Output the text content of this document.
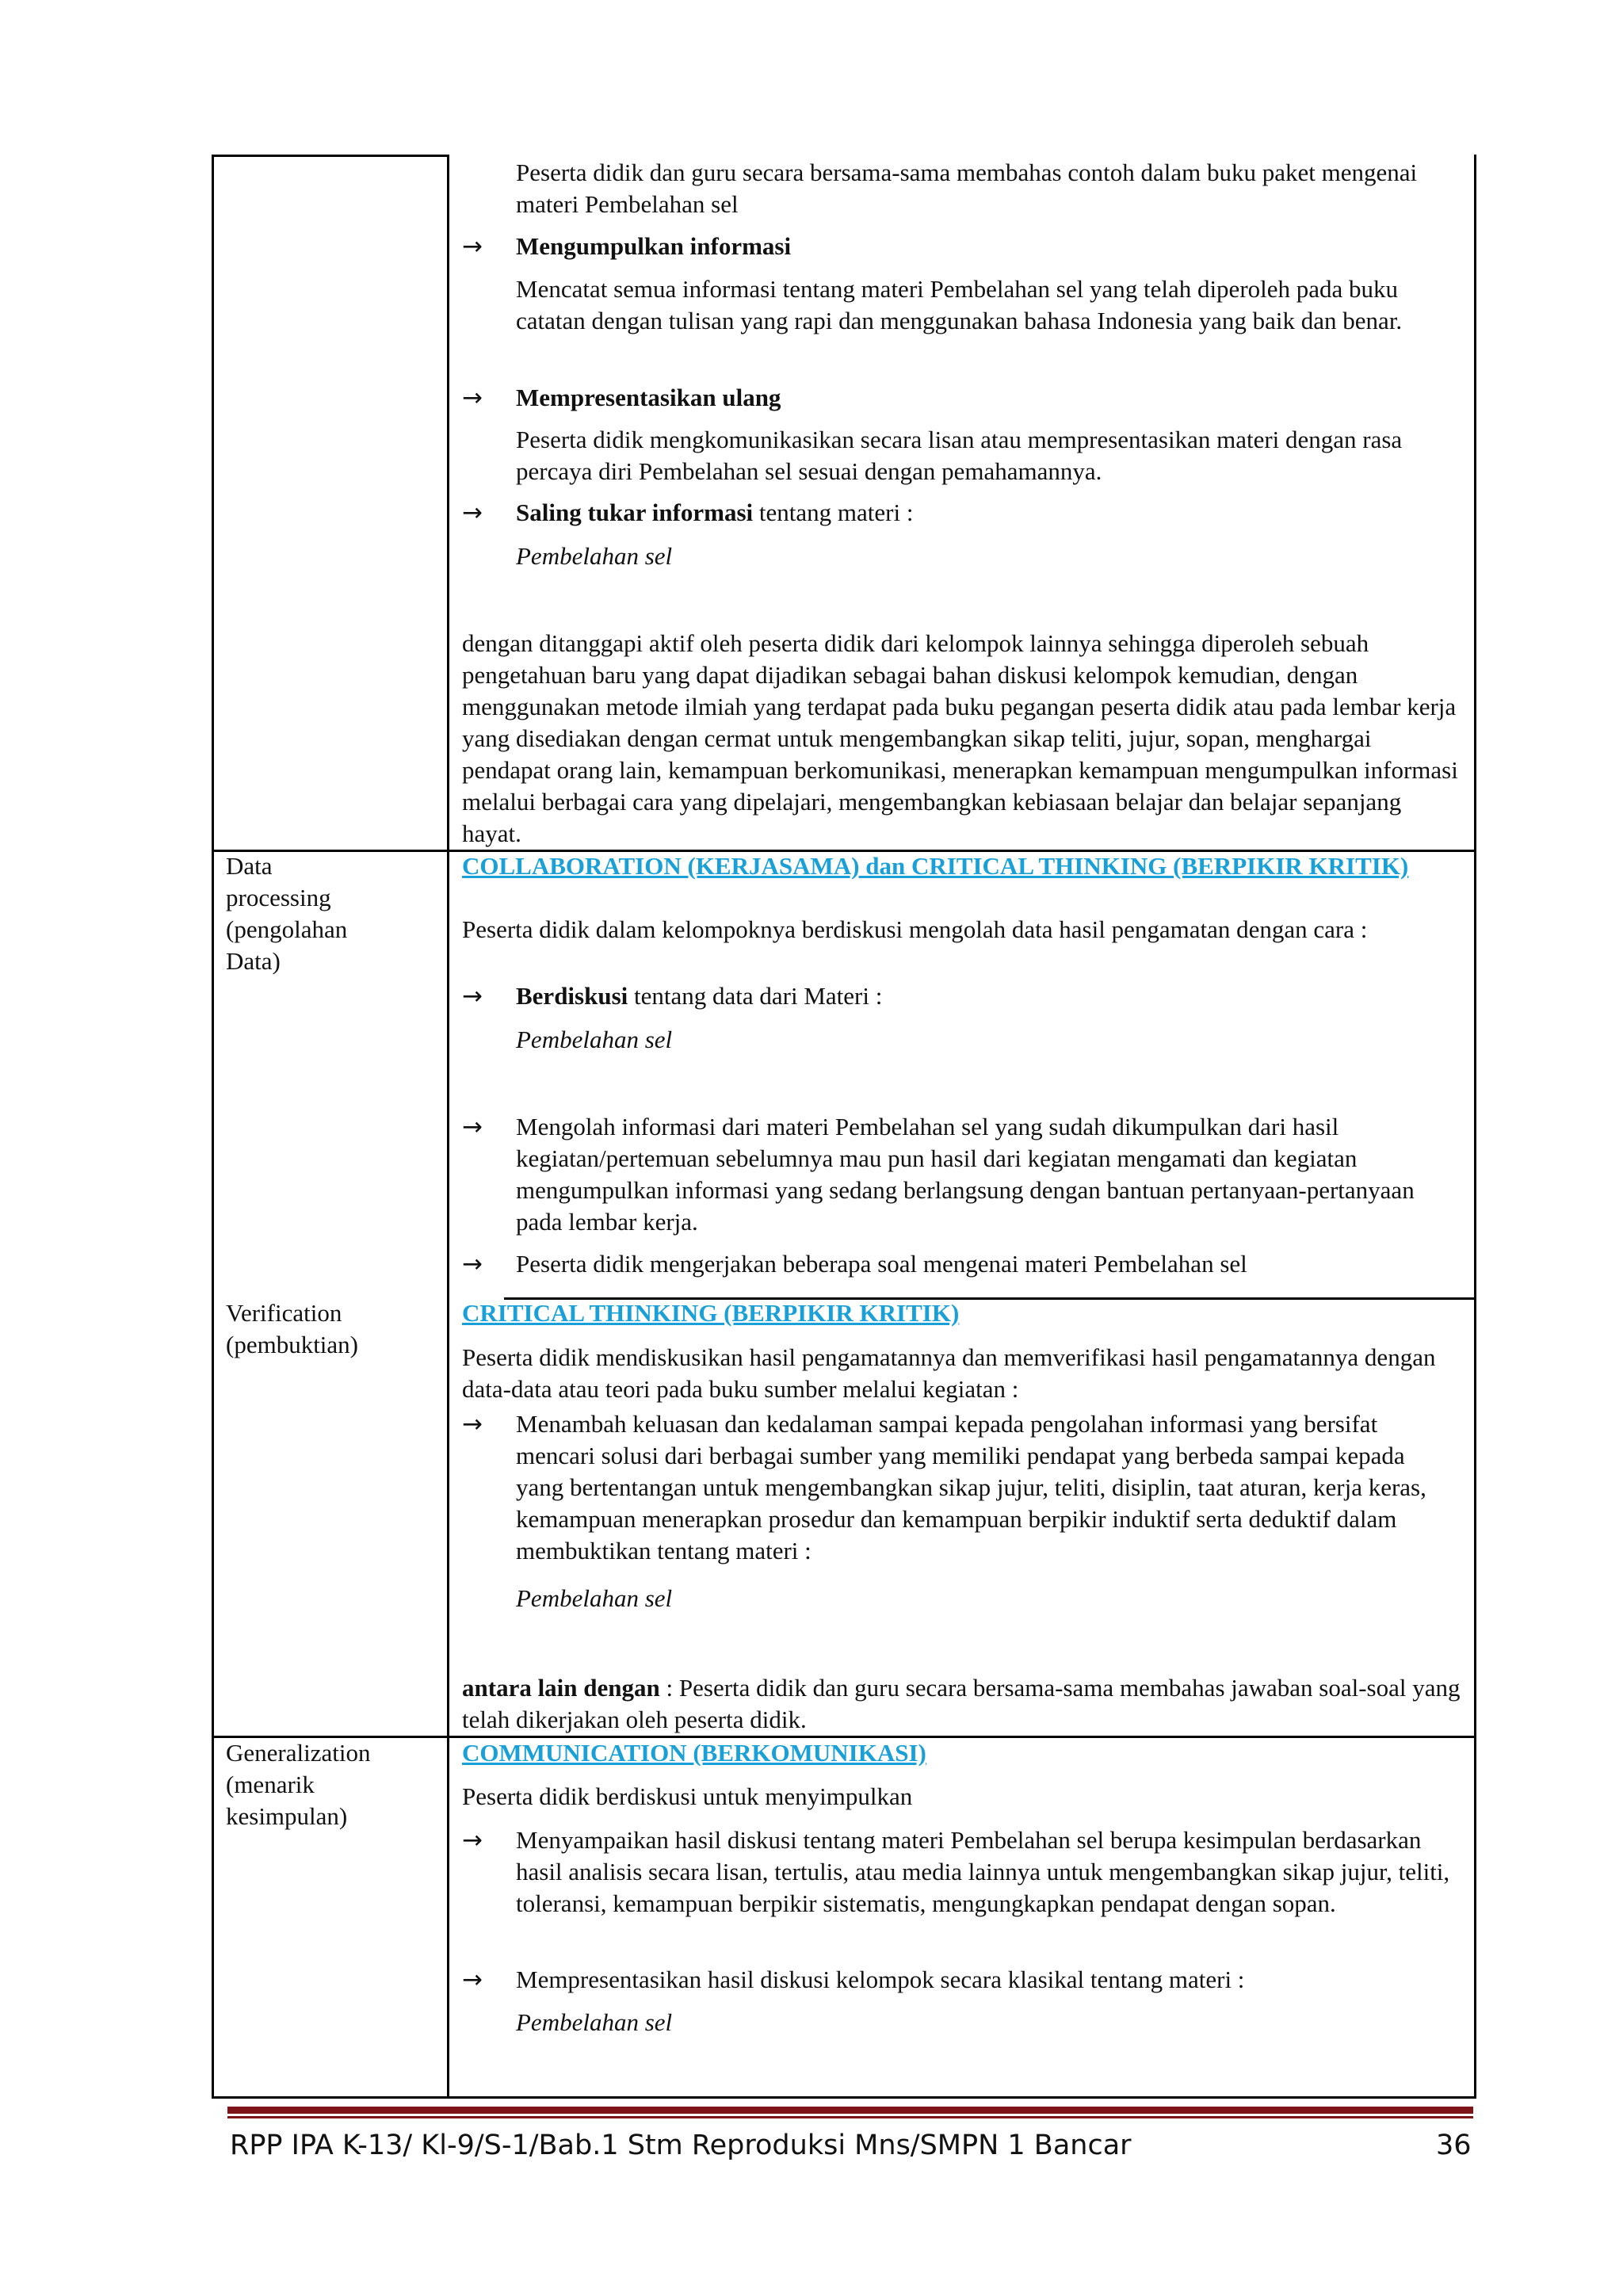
Peserta didik dan guru secara bersama-sama membahas contoh dalam buku paket mengenai materi Pembelahan sel
→ Mengumpulkan informasi
Mencatat semua informasi tentang materi Pembelahan sel yang telah diperoleh pada buku catatan dengan tulisan yang rapi dan menggunakan bahasa Indonesia yang baik dan benar.
→ Mempresentasikan ulang
Peserta didik mengkomunikasikan secara lisan atau mempresentasikan materi dengan rasa percaya diri Pembelahan sel sesuai dengan pemahamannya.
→ Saling tukar informasi tentang materi :
Pembelahan sel
dengan ditanggapi aktif oleh peserta didik dari kelompok lainnya sehingga diperoleh sebuah pengetahuan baru yang dapat dijadikan sebagai bahan diskusi kelompok kemudian, dengan menggunakan metode ilmiah yang terdapat pada buku pegangan peserta didik atau pada lembar kerja yang disediakan dengan cermat untuk mengembangkan sikap teliti, jujur, sopan, menghargai pendapat orang lain, kemampuan berkomunikasi, menerapkan kemampuan mengumpulkan informasi melalui berbagai cara yang dipelajari, mengembangkan kebiasaan belajar dan belajar sepanjang hayat.
Data
processing
(pengolahan
Data)
COLLABORATION (KERJASAMA) dan CRITICAL THINKING (BERPIKIR KRITIK)
Peserta didik dalam kelompoknya berdiskusi mengolah data hasil pengamatan dengan cara :
→ Berdiskusi tentang data dari Materi :
Pembelahan sel
→ Mengolah informasi dari materi Pembelahan sel yang sudah dikumpulkan dari hasil kegiatan/pertemuan sebelumnya mau pun hasil dari kegiatan mengamati dan kegiatan mengumpulkan informasi yang sedang berlangsung dengan bantuan pertanyaan-pertanyaan pada lembar kerja.
→ Peserta didik mengerjakan beberapa soal mengenai materi Pembelahan sel
Verification
(pembuktian)
CRITICAL THINKING (BERPIKIR KRITIK)
Peserta didik mendiskusikan hasil pengamatannya dan memverifikasi hasil pengamatannya dengan data-data atau teori pada buku sumber melalui kegiatan :
→ Menambah keluasan dan kedalaman sampai kepada pengolahan informasi yang bersifat mencari solusi dari berbagai sumber yang memiliki pendapat yang berbeda sampai kepada yang bertentangan untuk mengembangkan sikap jujur, teliti, disiplin, taat aturan, kerja keras, kemampuan menerapkan prosedur dan kemampuan berpikir induktif serta deduktif dalam membuktikan tentang materi :
Pembelahan sel
antara lain dengan : Peserta didik dan guru secara bersama-sama membahas jawaban soal-soal yang telah dikerjakan oleh peserta didik.
Generalization
(menarik
kesimpulan)
COMMUNICATION (BERKOMUNIKASI)
Peserta didik berdiskusi untuk menyimpulkan
→ Menyampaikan hasil diskusi tentang materi Pembelahan sel berupa kesimpulan berdasarkan hasil analisis secara lisan, tertulis, atau media lainnya untuk mengembangkan sikap jujur, teliti, toleransi, kemampuan berpikir sistematis, mengungkapkan pendapat dengan sopan.
→ Mempresentasikan hasil diskusi kelompok secara klasikal tentang materi :
Pembelahan sel
RPP IPA K-13/ Kl-9/S-1/Bab.1 Stm Reproduksi Mns/SMPN 1 Bancar	36
